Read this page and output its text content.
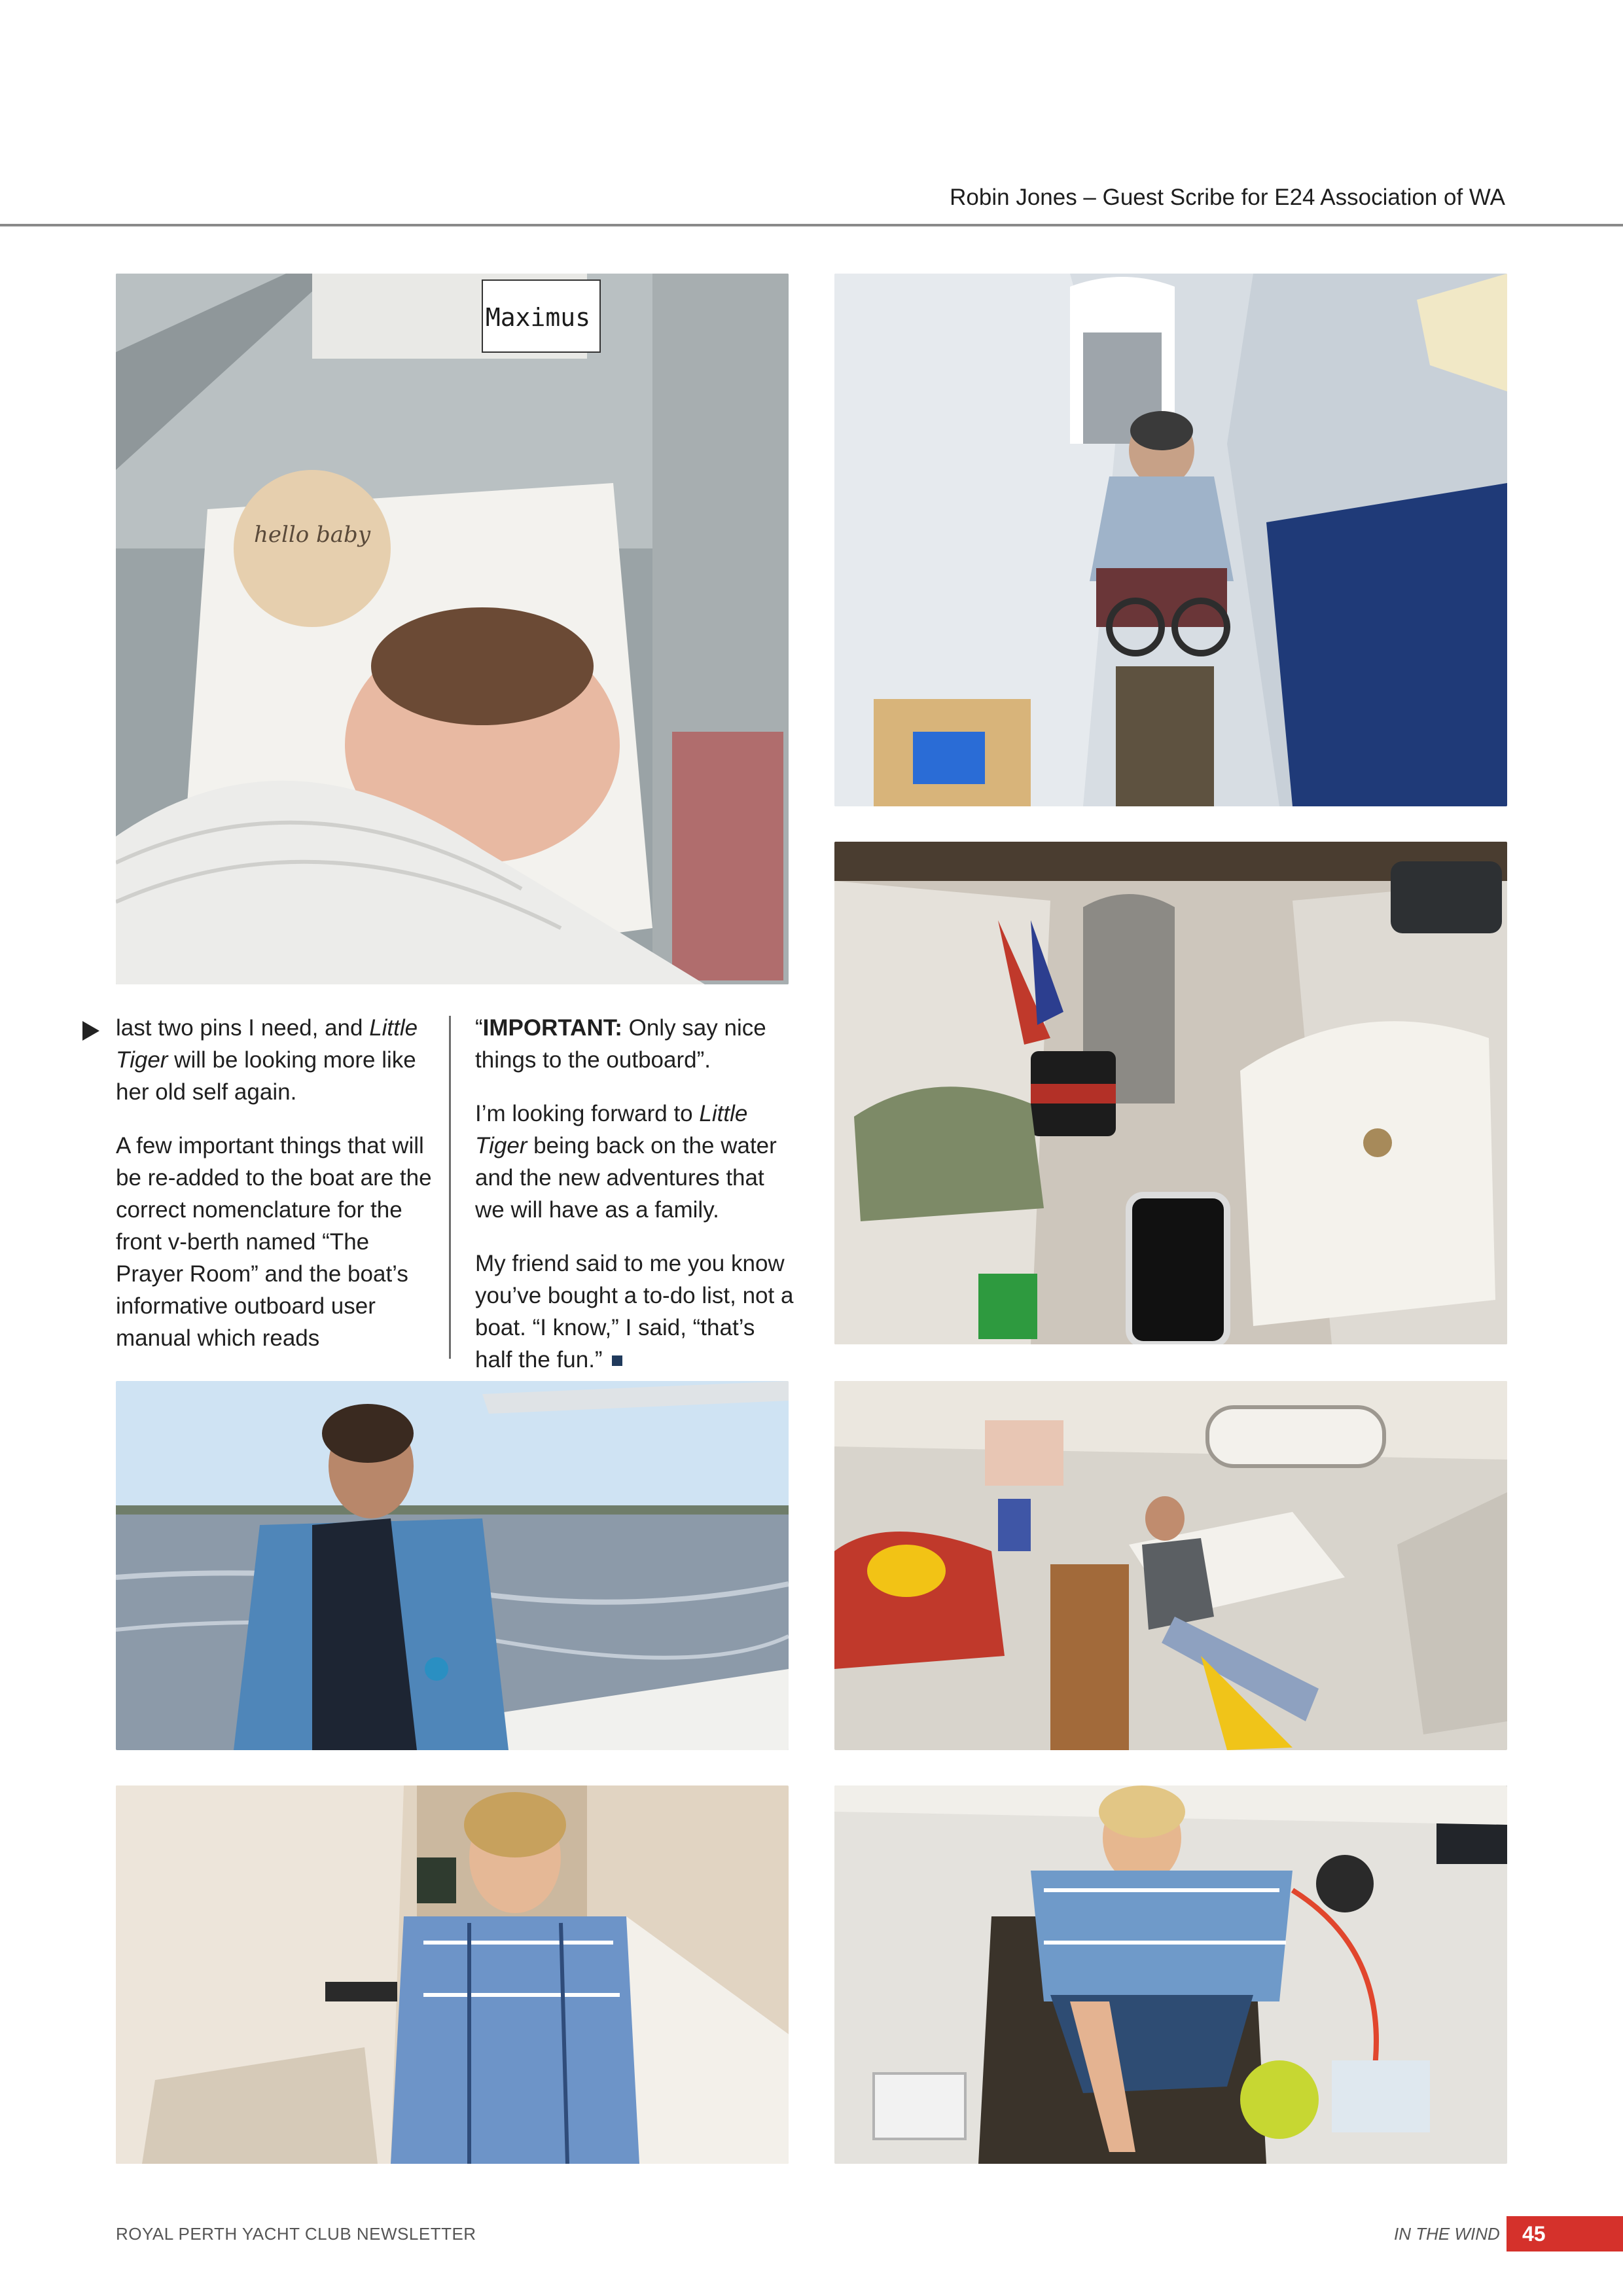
Robin Jones – Guest Scribe for E24 Association of WA
Maximus
hello baby

last two pins I need, and Little Tiger will be looking more like her old self again.

A few important things that will be re-added to the boat are the correct nomenclature for the front v-berth named “The Prayer Room” and the boat’s informative outboard user manual which reads

“IMPORTANT: Only say nice things to the outboard”.

I’m looking forward to Little Tiger being back on the water and the new adventures that we will have as a family.

My friend said to me you know you’ve bought a to-do list, not a boat. “I know,” I said, “that’s half the fun.”

ROYAL PERTH YACHT CLUB NEWSLETTER	IN THE WIND	45
